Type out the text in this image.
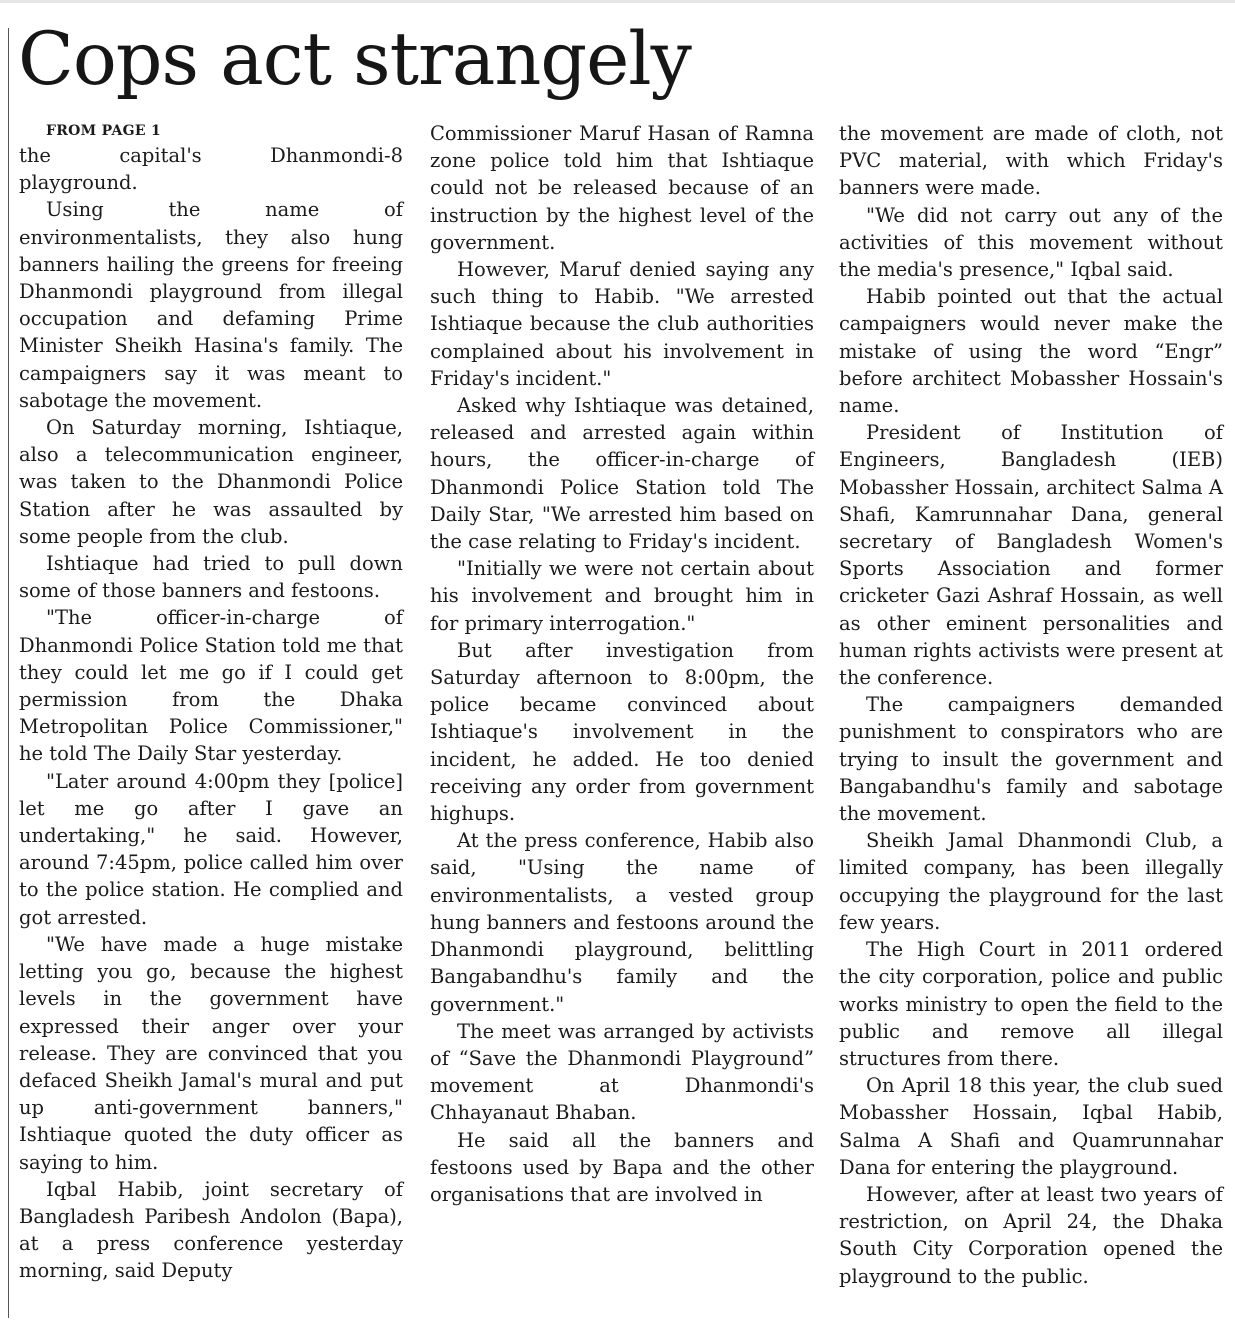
Cops act strangely

FROM PAGE 1

the capital's Dhanmondi-8 playground.

Using the name of environmentalists, they also hung banners hailing the greens for freeing Dhanmondi playground from illegal occupation and defaming Prime Minister Sheikh Hasina's family. The campaigners say it was meant to sabotage the movement.

On Saturday morning, Ishtiaque, also a telecommunication engineer, was taken to the Dhanmondi Police Station after he was assaulted by some people from the club.

Ishtiaque had tried to pull down some of those banners and festoons.

"The officer-in-charge of Dhanmondi Police Station told me that they could let me go if I could get permission from the Dhaka Metropolitan Police Commissioner," he told The Daily Star yesterday.

"Later around 4:00pm they [police] let me go after I gave an undertaking," he said. However, around 7:45pm, police called him over to the police station. He complied and got arrested.

"We have made a huge mistake letting you go, because the highest levels in the government have expressed their anger over your release. They are convinced that you defaced Sheikh Jamal's mural and put up anti-government banners," Ishtiaque quoted the duty officer as saying to him.

Iqbal Habib, joint secretary of Bangladesh Paribesh Andolon (Bapa), at a press conference yesterday morning, said Deputy

Commissioner Maruf Hasan of Ramna zone police told him that Ishtiaque could not be released because of an instruction by the highest level of the government.

However, Maruf denied saying any such thing to Habib. "We arrested Ishtiaque because the club authorities complained about his involvement in Friday's incident."

Asked why Ishtiaque was detained, released and arrested again within hours, the officer-in-charge of Dhanmondi Police Station told The Daily Star, "We arrested him based on the case relating to Friday's incident.

"Initially we were not certain about his involvement and brought him in for primary interrogation."

But after investigation from Saturday afternoon to 8:00pm, the police became convinced about Ishtiaque's involvement in the incident, he added. He too denied receiving any order from government highups.

At the press conference, Habib also said, "Using the name of environmentalists, a vested group hung banners and festoons around the Dhanmondi playground, belittling Bangabandhu's family and the government."

The meet was arranged by activists of “Save the Dhanmondi Playground” movement at Dhanmondi's Chhayanaut Bhaban.

He said all the banners and festoons used by Bapa and the other organisations that are involved in

the movement are made of cloth, not PVC material, with which Friday's banners were made.

"We did not carry out any of the activities of this movement without the media's presence," Iqbal said.

Habib pointed out that the actual campaigners would never make the mistake of using the word “Engr” before architect Mobassher Hossain's name.

President of Institution of Engineers, Bangladesh (IEB) Mobassher Hossain, architect Salma A Shafi, Kamrunnahar Dana, general secretary of Bangladesh Women's Sports Association and former cricketer Gazi Ashraf Hossain, as well as other eminent personalities and human rights activists were present at the conference.

The campaigners demanded punishment to conspirators who are trying to insult the government and Bangabandhu's family and sabotage the movement.

Sheikh Jamal Dhanmondi Club, a limited company, has been illegally occupying the playground for the last few years.

The High Court in 2011 ordered the city corporation, police and public works ministry to open the field to the public and remove all illegal structures from there.

On April 18 this year, the club sued Mobassher Hossain, Iqbal Habib, Salma A Shafi and Quamrunnahar Dana for entering the playground.

However, after at least two years of restriction, on April 24, the Dhaka South City Corporation opened the playground to the public.
